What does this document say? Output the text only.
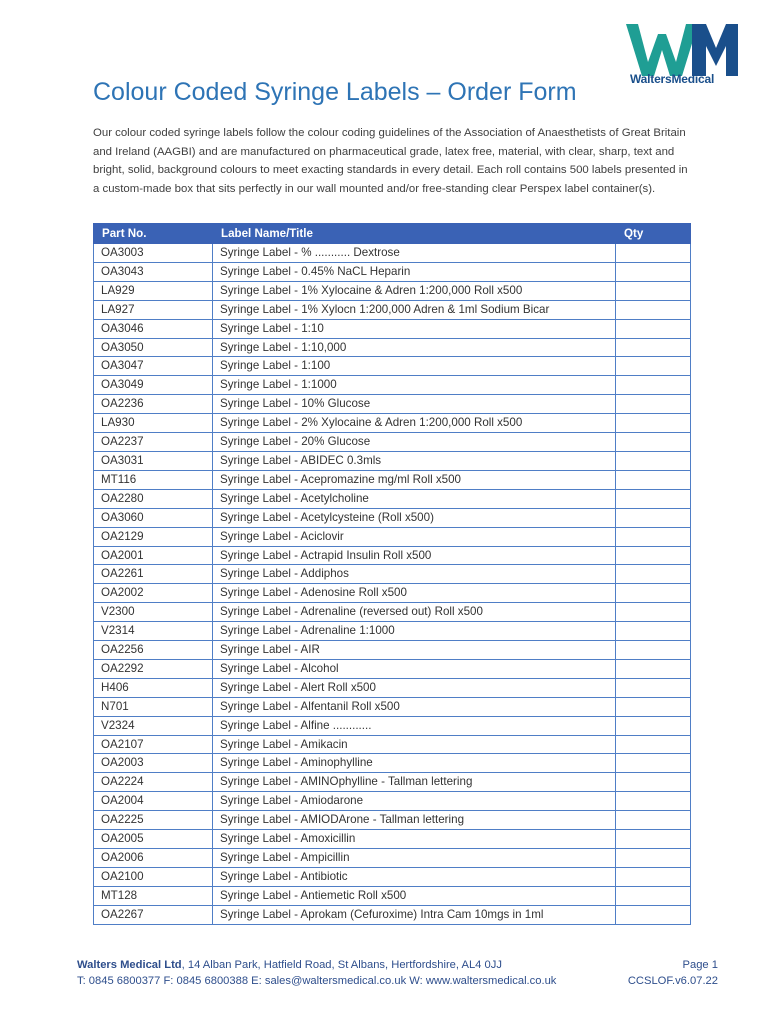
WaltersMedical
Colour Coded Syringe Labels – Order Form

Our colour coded syringe labels follow the colour coding guidelines of the Association of Anaesthetists of Great Britain and Ireland (AAGBI) and are manufactured on pharmaceutical grade, latex free, material, with clear, sharp, text and bright, solid, background colours to meet exacting standards in every detail. Each roll contains 500 labels presented in a custom-made box that sits perfectly in our wall mounted and/or free-standing clear Perspex label container(s).

Part No.	Label Name/Title	Qty
OA3003	Syringe Label - % ........... Dextrose	
OA3043	Syringe Label - 0.45% NaCL Heparin	
LA929	Syringe Label - 1% Xylocaine & Adren 1:200,000 Roll x500	
LA927	Syringe Label - 1% Xylocn 1:200,000 Adren & 1ml Sodium Bicar	
OA3046	Syringe Label - 1:10	
OA3050	Syringe Label - 1:10,000	
OA3047	Syringe Label - 1:100	
OA3049	Syringe Label - 1:1000	
OA2236	Syringe Label - 10% Glucose	
LA930	Syringe Label - 2% Xylocaine & Adren 1:200,000 Roll x500	
OA2237	Syringe Label - 20% Glucose	
OA3031	Syringe Label - ABIDEC 0.3mls	
MT116	Syringe Label - Acepromazine mg/ml Roll x500	
OA2280	Syringe Label - Acetylcholine	
OA3060	Syringe Label - Acetylcysteine (Roll x500)	
OA2129	Syringe Label - Aciclovir	
OA2001	Syringe Label - Actrapid Insulin Roll x500	
OA2261	Syringe Label - Addiphos	
OA2002	Syringe Label - Adenosine Roll x500	
V2300	Syringe Label - Adrenaline (reversed out) Roll x500	
V2314	Syringe Label - Adrenaline 1:1000	
OA2256	Syringe Label - AIR	
OA2292	Syringe Label - Alcohol	
H406	Syringe Label - Alert Roll x500	
N701	Syringe Label - Alfentanil Roll x500	
V2324	Syringe Label - Alfine ............	
OA2107	Syringe Label - Amikacin	
OA2003	Syringe Label - Aminophylline	
OA2224	Syringe Label - AMINOphylline - Tallman lettering	
OA2004	Syringe Label - Amiodarone	
OA2225	Syringe Label - AMIODArone - Tallman lettering	
OA2005	Syringe Label - Amoxicillin	
OA2006	Syringe Label - Ampicillin	
OA2100	Syringe Label - Antibiotic	
MT128	Syringe Label - Antiemetic Roll x500	
OA2267	Syringe Label - Aprokam (Cefuroxime) Intra Cam 10mgs in 1ml	
Walters Medical Ltd, 14 Alban Park, Hatfield Road, St Albans, Hertfordshire, AL4 0JJ
T: 0845 6800377 F: 0845 6800388 E: sales@waltersmedical.co.uk W: www.waltersmedical.co.uk
Page 1
CCSLOF.v6.07.22
